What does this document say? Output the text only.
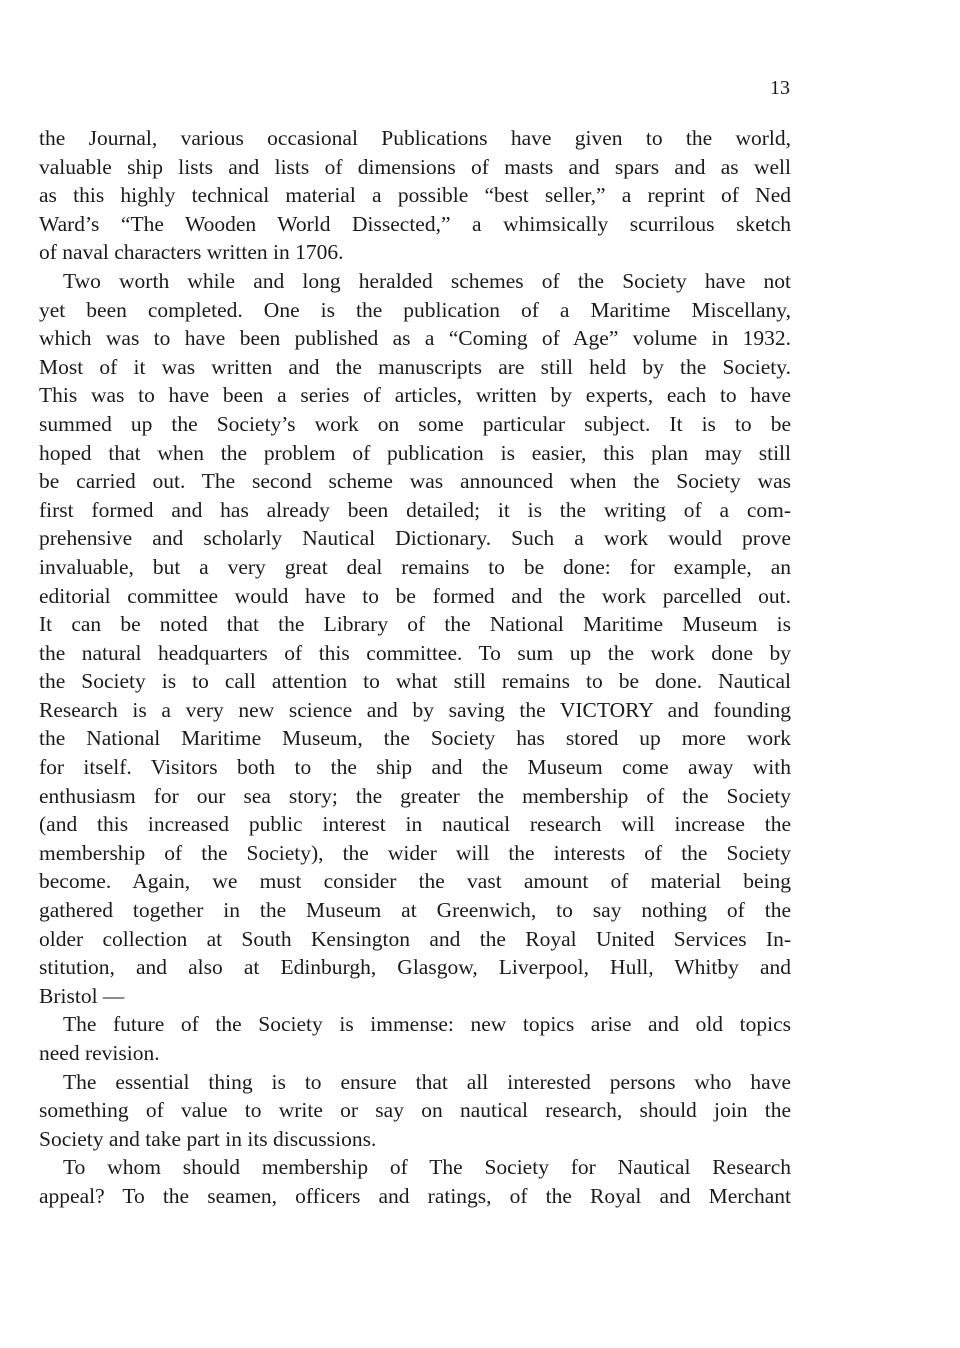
13
the Journal, various occasional Publications have given to the world,
valuable ship lists and lists of dimensions of masts and spars and as well
as this highly technical material a possible “best seller,” a reprint of Ned
Ward’s “The Wooden World Dissected,” a whimsically scurrilous sketch
of naval characters written in 1706.
Two worth while and long heralded schemes of the Society have not
yet been completed. One is the publication of a Maritime Miscellany,
which was to have been published as a “Coming of Age” volume in 1932.
Most of it was written and the manuscripts are still held by the Society.
This was to have been a series of articles, written by experts, each to have
summed up the Society’s work on some particular subject. It is to be
hoped that when the problem of publication is easier, this plan may still
be carried out. The second scheme was announced when the Society was
first formed and has already been detailed; it is the writing of a com-
prehensive and scholarly Nautical Dictionary. Such a work would prove
invaluable, but a very great deal remains to be done: for example, an
editorial committee would have to be formed and the work parcelled out.
It can be noted that the Library of the National Maritime Museum is
the natural headquarters of this committee. To sum up the work done by
the Society is to call attention to what still remains to be done. Nautical
Research is a very new science and by saving the VICTORY and founding
the National Maritime Museum, the Society has stored up more work
for itself. Visitors both to the ship and the Museum come away with
enthusiasm for our sea story; the greater the membership of the Society
(and this increased public interest in nautical research will increase the
membership of the Society), the wider will the interests of the Society
become. Again, we must consider the vast amount of material being
gathered together in the Museum at Greenwich, to say nothing of the
older collection at South Kensington and the Royal United Services In-
stitution, and also at Edinburgh, Glasgow, Liverpool, Hull, Whitby and
Bristol —
The future of the Society is immense: new topics arise and old topics
need revision.
The essential thing is to ensure that all interested persons who have
something of value to write or say on nautical research, should join the
Society and take part in its discussions.
To whom should membership of The Society for Nautical Research
appeal? To the seamen, officers and ratings, of the Royal and Merchant
